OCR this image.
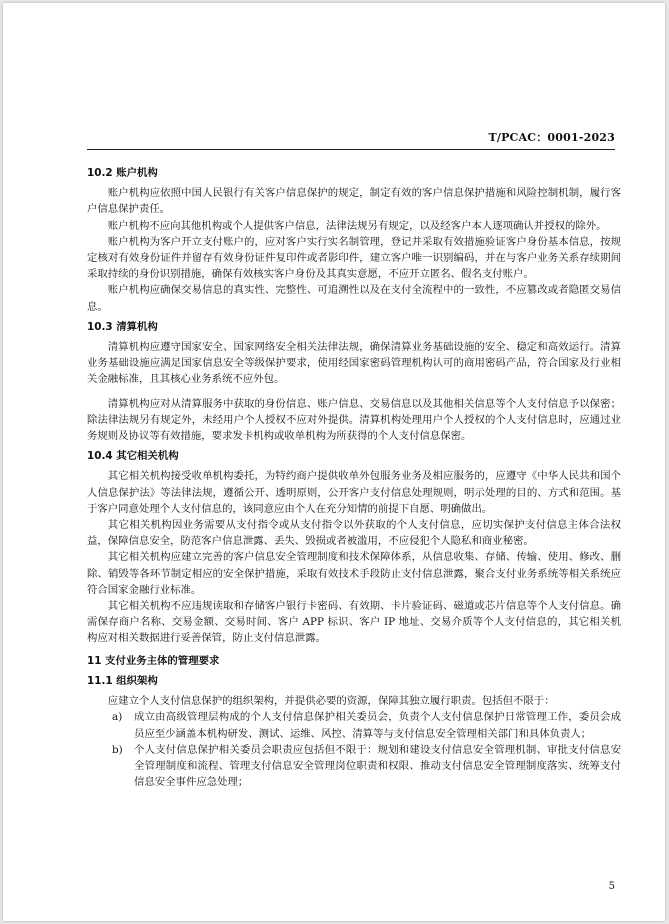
T/PCAC：0001-2023
10.2 账户机构

账户机构应依照中国人民银行有关客户信息保护的规定，制定有效的客户信息保护措施和风险控制机制，履行客户信息保护责任。

账户机构不应向其他机构或个人提供客户信息，法律法规另有规定，以及经客户本人逐项确认并授权的除外。

账户机构为客户开立支付账户的，应对客户实行实名制管理，登记并采取有效措施验证客户身份基本信息，按规定核对有效身份证件并留存有效身份证件复印件或者影印件，建立客户唯一识别编码，并在与客户业务关系存续期间采取持续的身份识别措施，确保有效核实客户身份及其真实意愿，不应开立匿名、假名支付账户。

账户机构应确保交易信息的真实性、完整性、可追溯性以及在支付全流程中的一致性，不应篡改或者隐匿交易信息。

10.3 清算机构

清算机构应遵守国家安全、国家网络安全相关法律法规，确保清算业务基础设施的安全、稳定和高效运行。清算业务基础设施应满足国家信息安全等级保护要求，使用经国家密码管理机构认可的商用密码产品，符合国家及行业相关金融标准，且其核心业务系统不应外包。

清算机构应对从清算服务中获取的身份信息、账户信息、交易信息以及其他相关信息等个人支付信息予以保密；除法律法规另有规定外，未经用户个人授权不应对外提供。清算机构处理用户个人授权的个人支付信息时，应通过业务规则及协议等有效措施，要求发卡机构或收单机构为所获得的个人支付信息保密。

10.4 其它相关机构

其它相关机构接受收单机构委托，为特约商户提供收单外包服务业务及相应服务的，应遵守《中华人民共和国个人信息保护法》等法律法规，遵循公开、透明原则，公开客户支付信息处理规则，明示处理的目的、方式和范围。基于客户同意处理个人支付信息的，该同意应由个人在充分知情的前提下自愿、明确做出。

其它相关机构因业务需要从支付指令或从支付指令以外获取的个人支付信息，应切实保护支付信息主体合法权益，保障信息安全，防范客户信息泄露、丢失、毁损或者被滥用，不应侵犯个人隐私和商业秘密。

其它相关机构应建立完善的客户信息安全管理制度和技术保障体系，从信息收集、存储、传输、使用、修改、删除、销毁等各环节制定相应的安全保护措施，采取有效技术手段防止支付信息泄露，聚合支付业务系统等相关系统应符合国家金融行业标准。

其它相关机构不应违规读取和存储客户银行卡密码、有效期、卡片验证码、磁道或芯片信息等个人支付信息。确需保存商户名称、交易金额、交易时间、客户 APP 标识、客户 IP 地址、交易介质等个人支付信息的，其它相关机构应对相关数据进行妥善保管，防止支付信息泄露。

11 支付业务主体的管理要求
11.1 组织架构

应建立个人支付信息保护的组织架构，并提供必要的资源，保障其独立履行职责。包括但不限于：

a)	成立由高级管理层构成的个人支付信息保护相关委员会，负责个人支付信息保护日常管理工作，委员会成员应至少涵盖本机构研发、测试、运维、风控、清算等与支付信息安全管理相关部门和具体负责人；
b)	个人支付信息保护相关委员会职责应包括但不限于：规划和建设支付信息安全管理机制、审批支付信息安全管理制度和流程、管理支付信息安全管理岗位职责和权限、推动支付信息安全管理制度落实、统筹支付信息安全事件应急处理；
5
